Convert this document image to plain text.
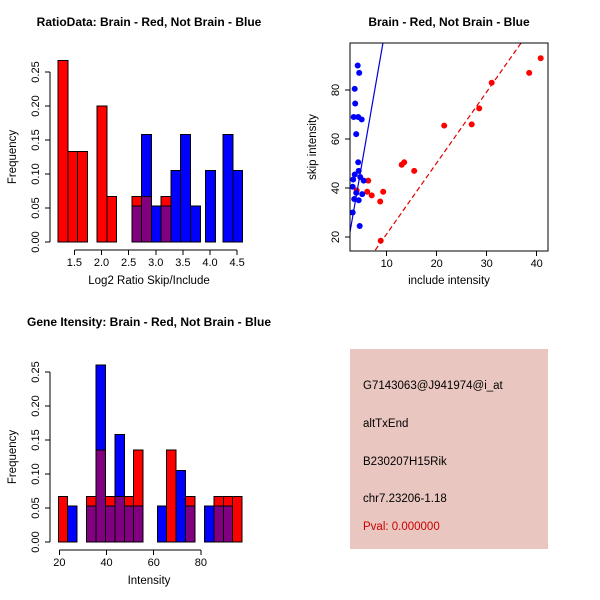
1.5 2.0 2.5 3.0 3.5 4.0 4.5
0.00
0.05
0.10
0.15
0.20
0.25
RatioData: Brain - Red, Not Brain - Blue
Log2 Ratio Skip/Include
Frequency
10	20	30	40
20
40
60
80
Brain - Red, Not Brain - Blue
include intensity
skip intensity
20	40	60	80
0.00
0.05
0.10
0.15
0.20
0.25
Gene Itensity: Brain - Red, Not Brain - Blue
Intensity
Frequency
G7143063@J941974@i_at
altTxEnd
B230207H15Rik
chr7.23206-1.18
Pval: 0.000000
